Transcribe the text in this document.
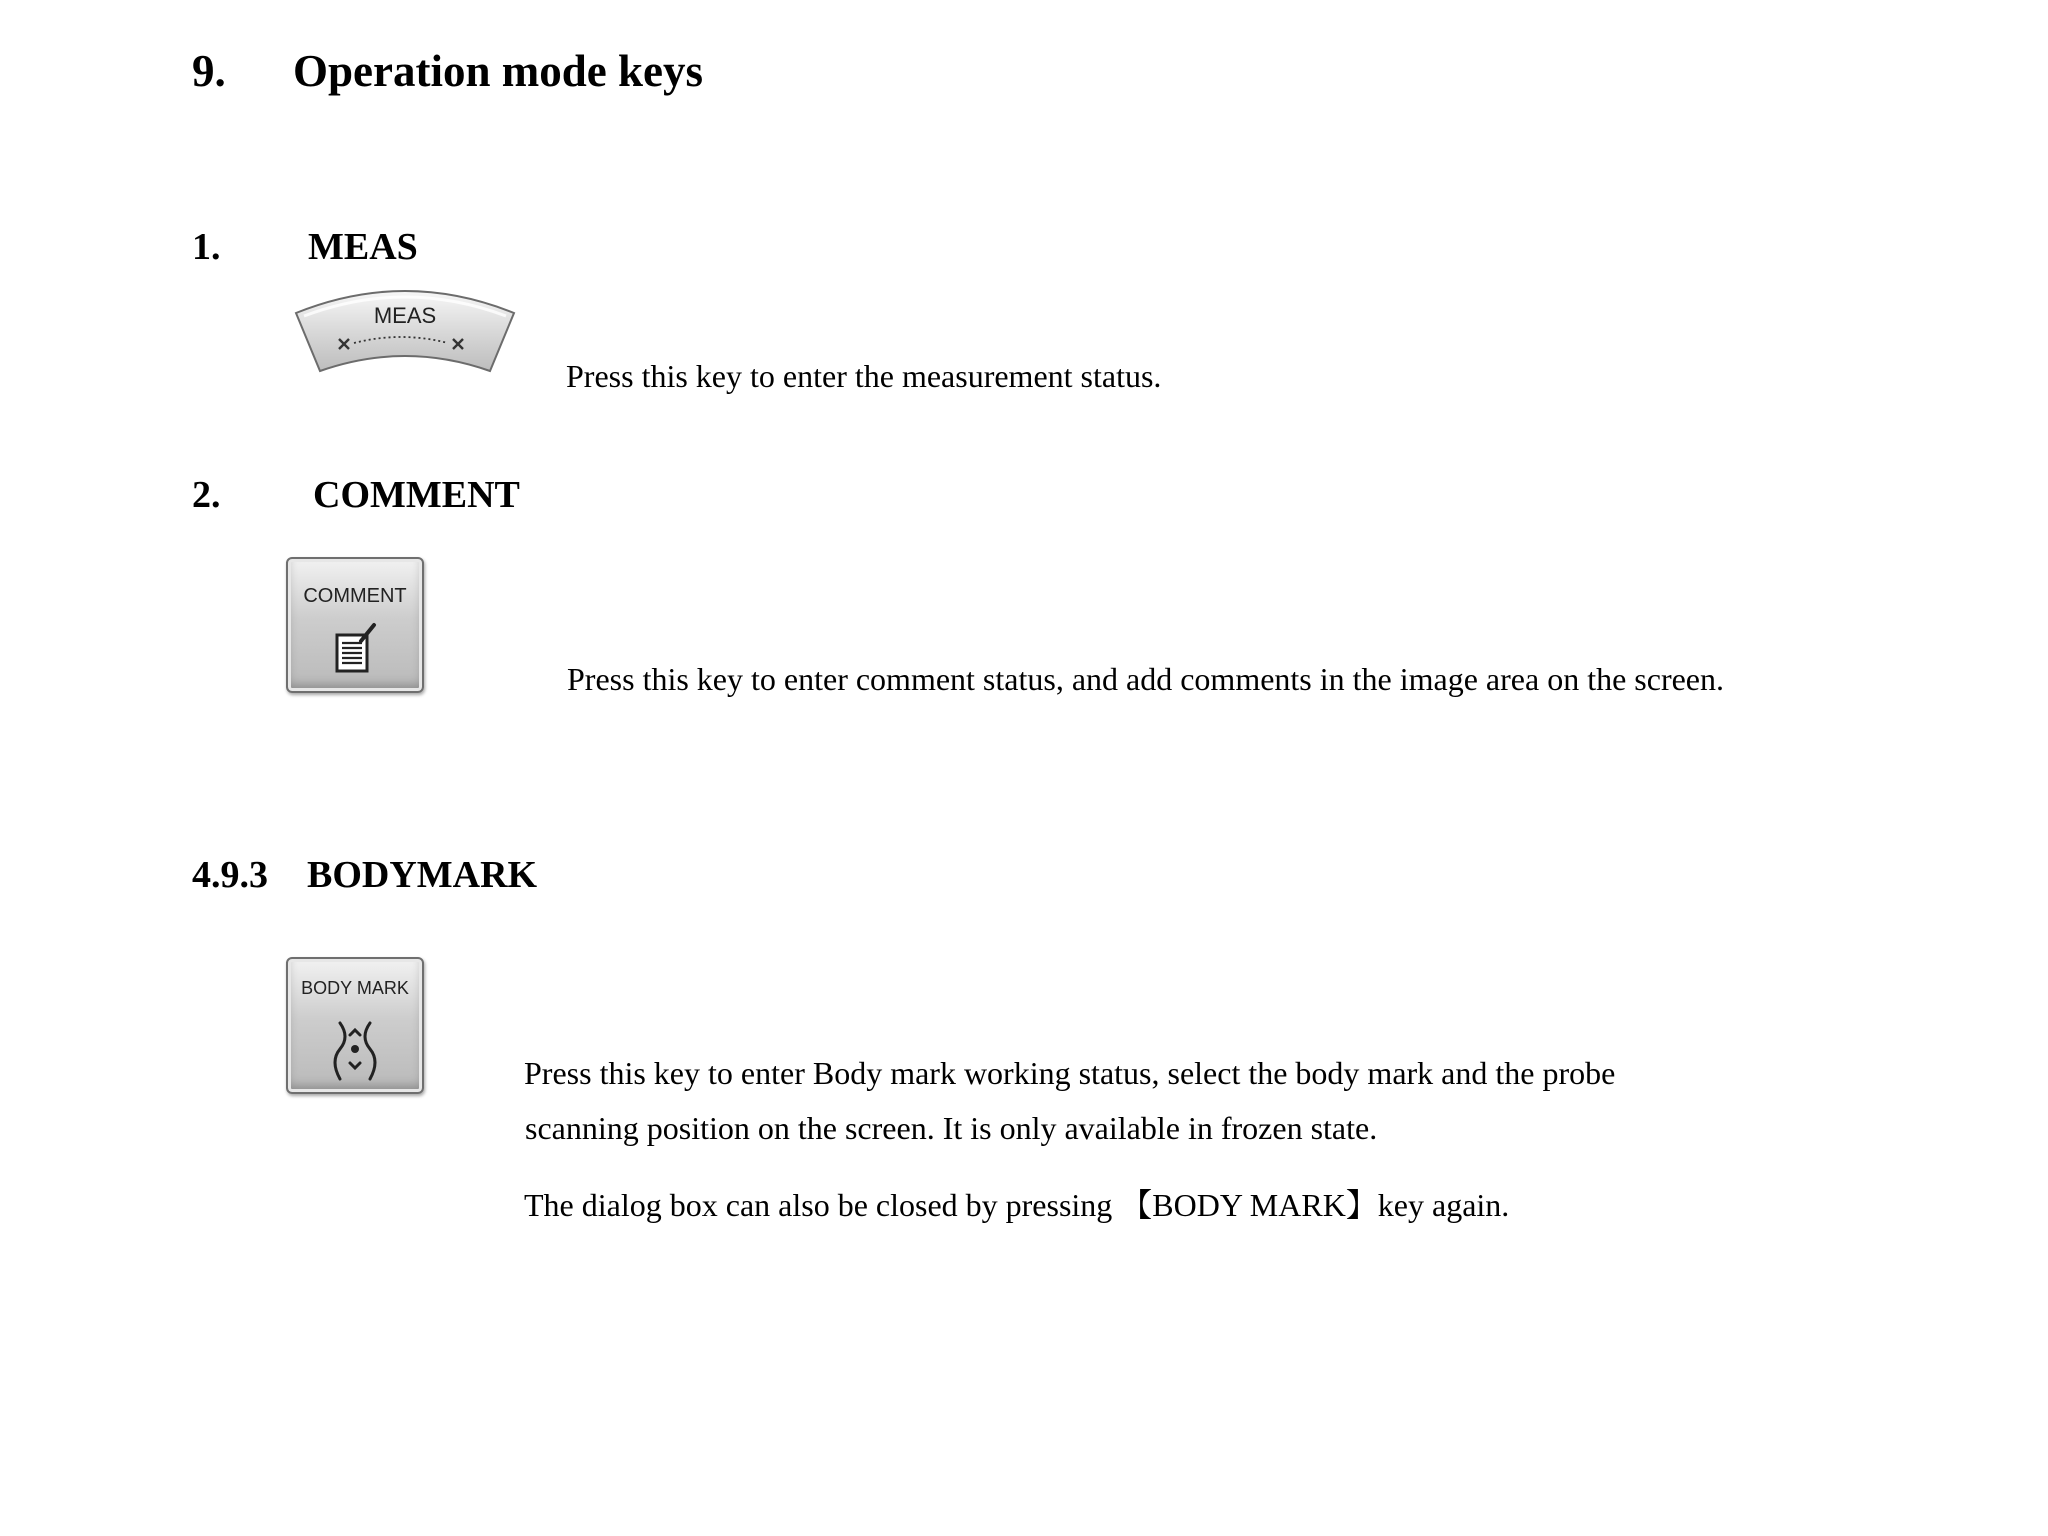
9. Operation mode keys
1. MEAS
MEAS
Press this key to enter the measurement status.
2. COMMENT
COMMENT
Press this key to enter comment status, and add comments in the image area on the screen.
4.9.3 BODYMARK
BODY MARK
Press this key to enter Body mark working status, select the body mark and the probe
scanning position on the screen. It is only available in frozen state.
The dialog box can also be closed by pressing 【BODY MARK】key again.
